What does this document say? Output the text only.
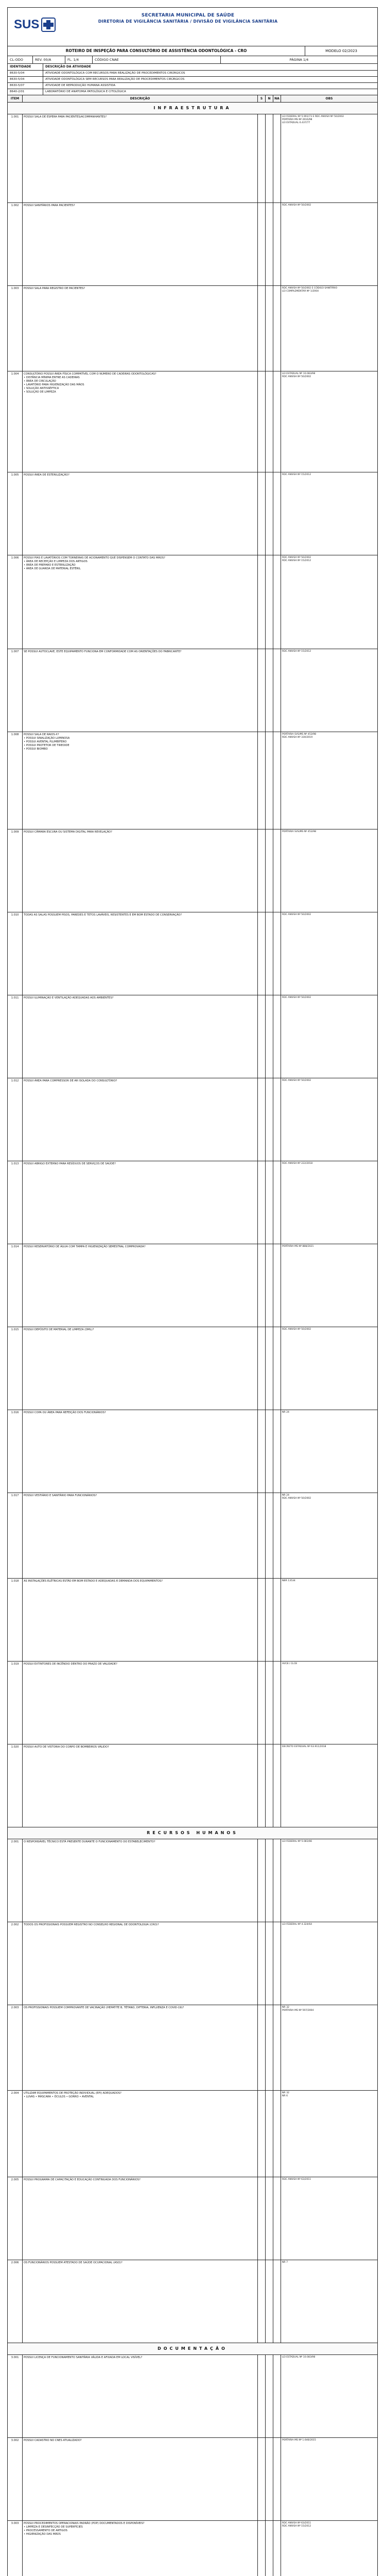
SUS
SECRETARIA MUNICIPAL DE SAÚDE
DIRETORIA DE VIGILÂNCIA SANITÁRIA / DIVISÃO DE VIGILÂNCIA SANITÁRIA
ROTEIRO DE INSPEÇÃO PARA CONSULTÓRIO DE ASSISTÊNCIA ODONTOLÓGICA - CRO	MODELO 02/2023
CL-ODO	REV. 00/A	FL. 1/4	CÓDIGO CNAE	PÁGINA 1/4
IDENTIDADE	DESCRIÇÃO DA ATIVIDADE
8630-5/04	ATIVIDADE ODONTOLÓGICA COM RECURSOS PARA REALIZAÇÃO DE PROCEDIMENTOS CIRÚRGICOS
8630-5/04	ATIVIDADE ODONTOLÓGICA SEM RECURSOS PARA REALIZAÇÃO DE PROCEDIMENTOS CIRÚRGICOS
8630-5/07	ATIVIDADE DE REPRODUÇÃO HUMANA ASSISTIDA
8640-2/01	LABORATÓRIO DE ANATOMIA PATOLÓGICA E CITOLÓGICA
ITEM	DESCRIÇÃO	S	N	NA	OBS
INFRAESTRUTURA
1.001	POSSUI SALA DE ESPERA PARA PACIENTES/ACOMPANHANTES?	LEI FEDERAL Nº 5.991/73 E RDC ANVISA Nº 50/2002
PORTARIA MS Nº 2616/98
LEI ESTADUAL 6.437/77
1.002	POSSUI SANITÁRIOS PARA PACIENTES?	RDC ANVISA Nº 50/2002
1.003	POSSUI SALA PARA REGISTRO DE PACIENTES?	RDC ANVISA Nº 50/2002 E CÓDIGO SANITÁRIO
LEI COMPLEMENTAR Nº 1/2004
1.004	CONSULTÓRIO POSSUI ÁREA FÍSICA COMPATÍVEL COM O NÚMERO DE CADEIRAS ODONTOLÓGICAS?
• DISTÂNCIA MÍNIMA ENTRE AS CADEIRAS
• ÁREA DE CIRCULAÇÃO
• LAVATÓRIO PARA HIGIENIZAÇÃO DAS MÃOS
• SOLUÇÃO ANTISSÉPTICA
• SOLUÇÃO DE LIMPEZA
LEI ESTADUAL Nº 10.083/98
RDC ANVISA Nº 50/2002
1.005	POSSUI ÁREA DE ESTERILIZAÇÃO?	RDC ANVISA Nº 15/2012
1.006	POSSUI PIAS E LAVATÓRIOS COM TORNEIRAS DE ACIONAMENTO QUE DISPENSEM O CONTATO DAS MÃOS?
• ÁREA DE RECEPÇÃO E LIMPEZA DOS ARTIGOS
• ÁREA DE PREPARO E ESTERILIZAÇÃO
• ÁREA DE GUARDA DE MATERIAL ESTÉRIL
RDC ANVISA Nº 50/2002
RDC ANVISA Nº 15/2012
1.007	SE POSSUI AUTOCLAVE, ESTE EQUIPAMENTO FUNCIONA EM CONFORMIDADE COM AS ORIENTAÇÕES DO FABRICANTE?	RDC ANVISA Nº 15/2012
1.008	POSSUI SALA DE RAIOS-X?
• POSSUI SINALIZAÇÃO LUMINOSA
• POSSUI AVENTAL PLUMBÍFERO
• POSSUI PROTETOR DE TIREOIDE
• POSSUI BIOMBO
PORTARIA SVS/MS Nº 453/98
RDC ANVISA Nº 330/2019
1.009	POSSUI CÂMARA ESCURA OU SISTEMA DIGITAL PARA REVELAÇÃO?	PORTARIA SVS/MS Nº 453/98
1.010	TODAS AS SALAS POSSUEM PISOS, PAREDES E TETOS LAVÁVEIS, RESISTENTES E EM BOM ESTADO DE CONSERVAÇÃO?	RDC ANVISA Nº 50/2002
1.011	POSSUI ILUMINAÇÃO E VENTILAÇÃO ADEQUADAS AOS AMBIENTES?	RDC ANVISA Nº 50/2002
1.012	POSSUI ÁREA PARA COMPRESSOR DE AR ISOLADA DO CONSULTÓRIO?	RDC ANVISA Nº 50/2002
1.013	POSSUI ABRIGO EXTERNO PARA RESÍDUOS DE SERVIÇOS DE SAÚDE?	RDC ANVISA Nº 222/2018
1.014	POSSUI RESERVATÓRIO DE ÁGUA COM TAMPA E HIGIENIZAÇÃO SEMESTRAL COMPROVADA?	PORTARIA MS Nº 888/2021
1.015	POSSUI DEPÓSITO DE MATERIAL DE LIMPEZA (DML)?	RDC ANVISA Nº 50/2002
1.016	POSSUI COPA OU ÁREA PARA REFEIÇÃO DOS FUNCIONÁRIOS?	NR 24
1.017	POSSUI VESTIÁRIO E SANITÁRIO PARA FUNCIONÁRIOS?	NR 24
RDC ANVISA Nº 50/2002
1.018	AS INSTALAÇÕES ELÉTRICAS ESTÃO EM BOM ESTADO E ADEQUADAS À DEMANDA DOS EQUIPAMENTOS?	NBR 13534
1.019	POSSUI EXTINTORES DE INCÊNDIO DENTRO DO PRAZO DE VALIDADE?	AVCB / CLCB
1.020	POSSUI AUTO DE VISTORIA DO CORPO DE BOMBEIROS VÁLIDO?	DECRETO ESTADUAL Nº 63.911/2018
RECURSOS HUMANOS
2.001	O RESPONSÁVEL TÉCNICO ESTÁ PRESENTE DURANTE O FUNCIONAMENTO DO ESTABELECIMENTO?	LEI FEDERAL Nº 5.081/66
2.002	TODOS OS PROFISSIONAIS POSSUEM REGISTRO NO CONSELHO REGIONAL DE ODONTOLOGIA (CRO)?	LEI FEDERAL Nº 4.324/64
2.003	OS PROFISSIONAIS POSSUEM COMPROVANTE DE VACINAÇÃO (HEPATITE B, TÉTANO, DIFTERIA, INFLUENZA E COVID-19)?	NR 32
PORTARIA MS Nº 597/2004
2.004	UTILIZAM EQUIPAMENTOS DE PROTEÇÃO INDIVIDUAL (EPI) ADEQUADOS?
• LUVAS • MÁSCARA • ÓCULOS • GORRO • AVENTAL
NR 32
NR 6
2.005	POSSUI PROGRAMA DE CAPACITAÇÃO E EDUCAÇÃO CONTINUADA DOS FUNCIONÁRIOS?	RDC ANVISA Nº 63/2011
2.006	OS FUNCIONÁRIOS POSSUEM ATESTADO DE SAÚDE OCUPACIONAL (ASO)?	NR 7
DOCUMENTAÇÃO
3.001	POSSUI LICENÇA DE FUNCIONAMENTO SANITÁRIA VÁLIDA E AFIXADA EM LOCAL VISÍVEL?	LEI ESTADUAL Nº 10.083/98
3.002	POSSUI CADASTRO NO CNES ATUALIZADO?	PORTARIA MS Nº 1.646/2015
3.003	POSSUI PROCEDIMENTOS OPERACIONAIS PADRÃO (POP) DOCUMENTADOS E DISPONÍVEIS?
• LIMPEZA E DESINFECÇÃO DE SUPERFÍCIES
• PROCESSAMENTO DE ARTIGOS
• HIGIENIZAÇÃO DAS MÃOS
RDC ANVISA Nº 63/2011
RDC ANVISA Nº 15/2012
